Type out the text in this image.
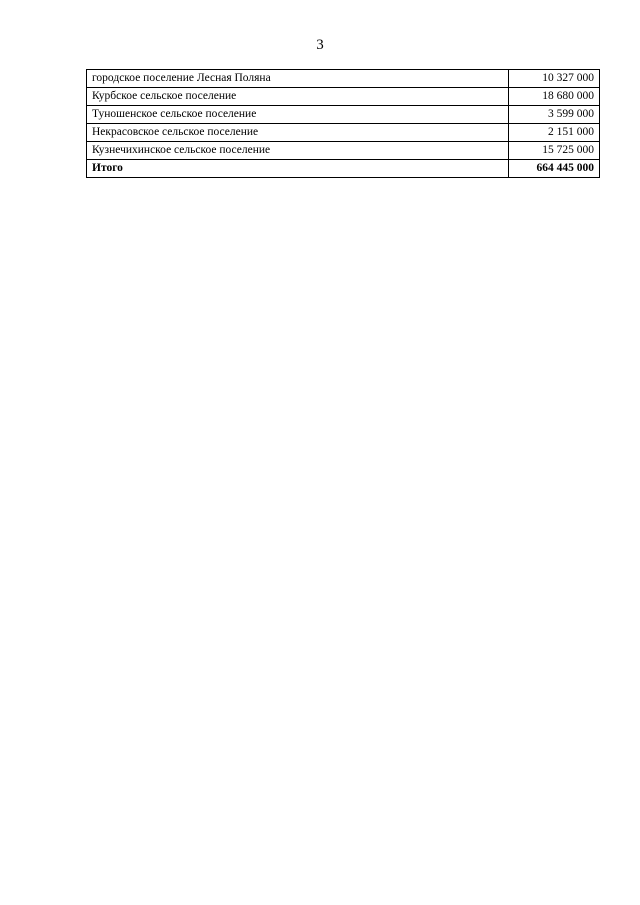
3
городское поселение Лесная Поляна	10 327 000
Курбское сельское поселение	18 680 000
Туношенское сельское поселение	3 599 000
Некрасовское сельское поселение	2 151 000
Кузнечихинское сельское поселение	15 725 000
Итого	664 445 000
